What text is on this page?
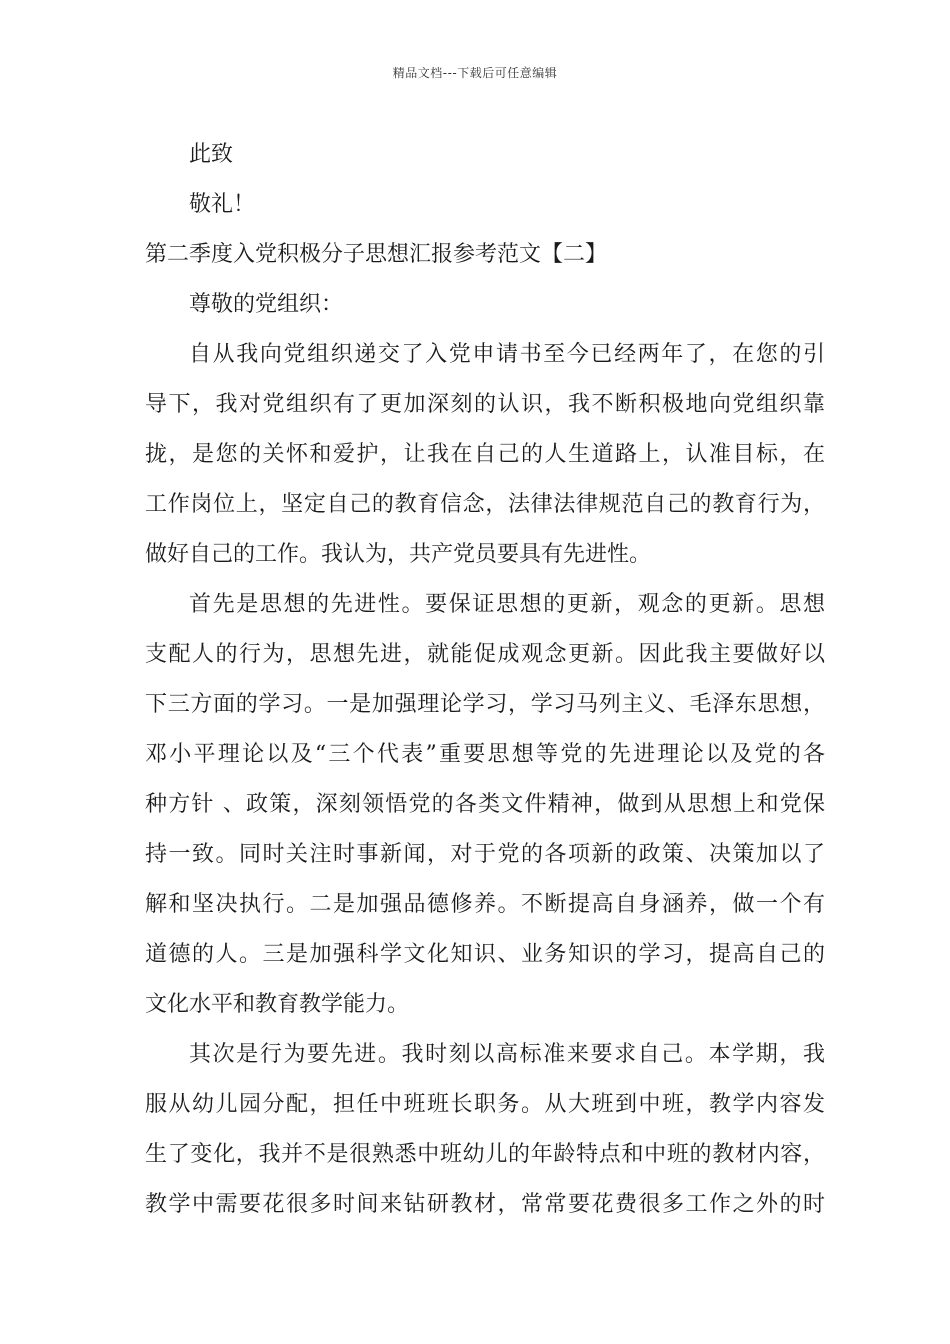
精品文档---下载后可任意编辑
此致
敬礼！
第二季度入党积极分子思想汇报参考范文【二】
尊敬的党组织：
自从我向党组织递交了入党申请书至今已经两年了，在您的引
导下，我对党组织有了更加深刻的认识，我不断积极地向党组织靠
拢，是您的关怀和爱护，让我在自己的人生道路上，认准目标，在
工作岗位上，坚定自己的教育信念，法律法律规范自己的教育行为，
做好自己的工作。我认为，共产党员要具有先进性。
首先是思想的先进性。要保证思想的更新，观念的更新。思想
支配人的行为，思想先进，就能促成观念更新。因此我主要做好以
下三方面的学习。一是加强理论学习，学习马列主义、毛泽东思想，
邓小平理论以及“三个代表”重要思想等党的先进理论以及党的各
种方针 、政策，深刻领悟党的各类文件精神，做到从思想上和党保
持一致。同时关注时事新闻，对于党的各项新的政策、决策加以了
解和坚决执行。二是加强品德修养。不断提高自身涵养，做一个有
道德的人。三是加强科学文化知识、业务知识的学习，提高自己的
文化水平和教育教学能力。
其次是行为要先进。我时刻以高标准来要求自己。本学期，我
服从幼儿园分配，担任中班班长职务。从大班到中班，教学内容发
生了变化，我并不是很熟悉中班幼儿的年龄特点和中班的教材内容，
教学中需要花很多时间来钻研教材，常常要花费很多工作之外的时
